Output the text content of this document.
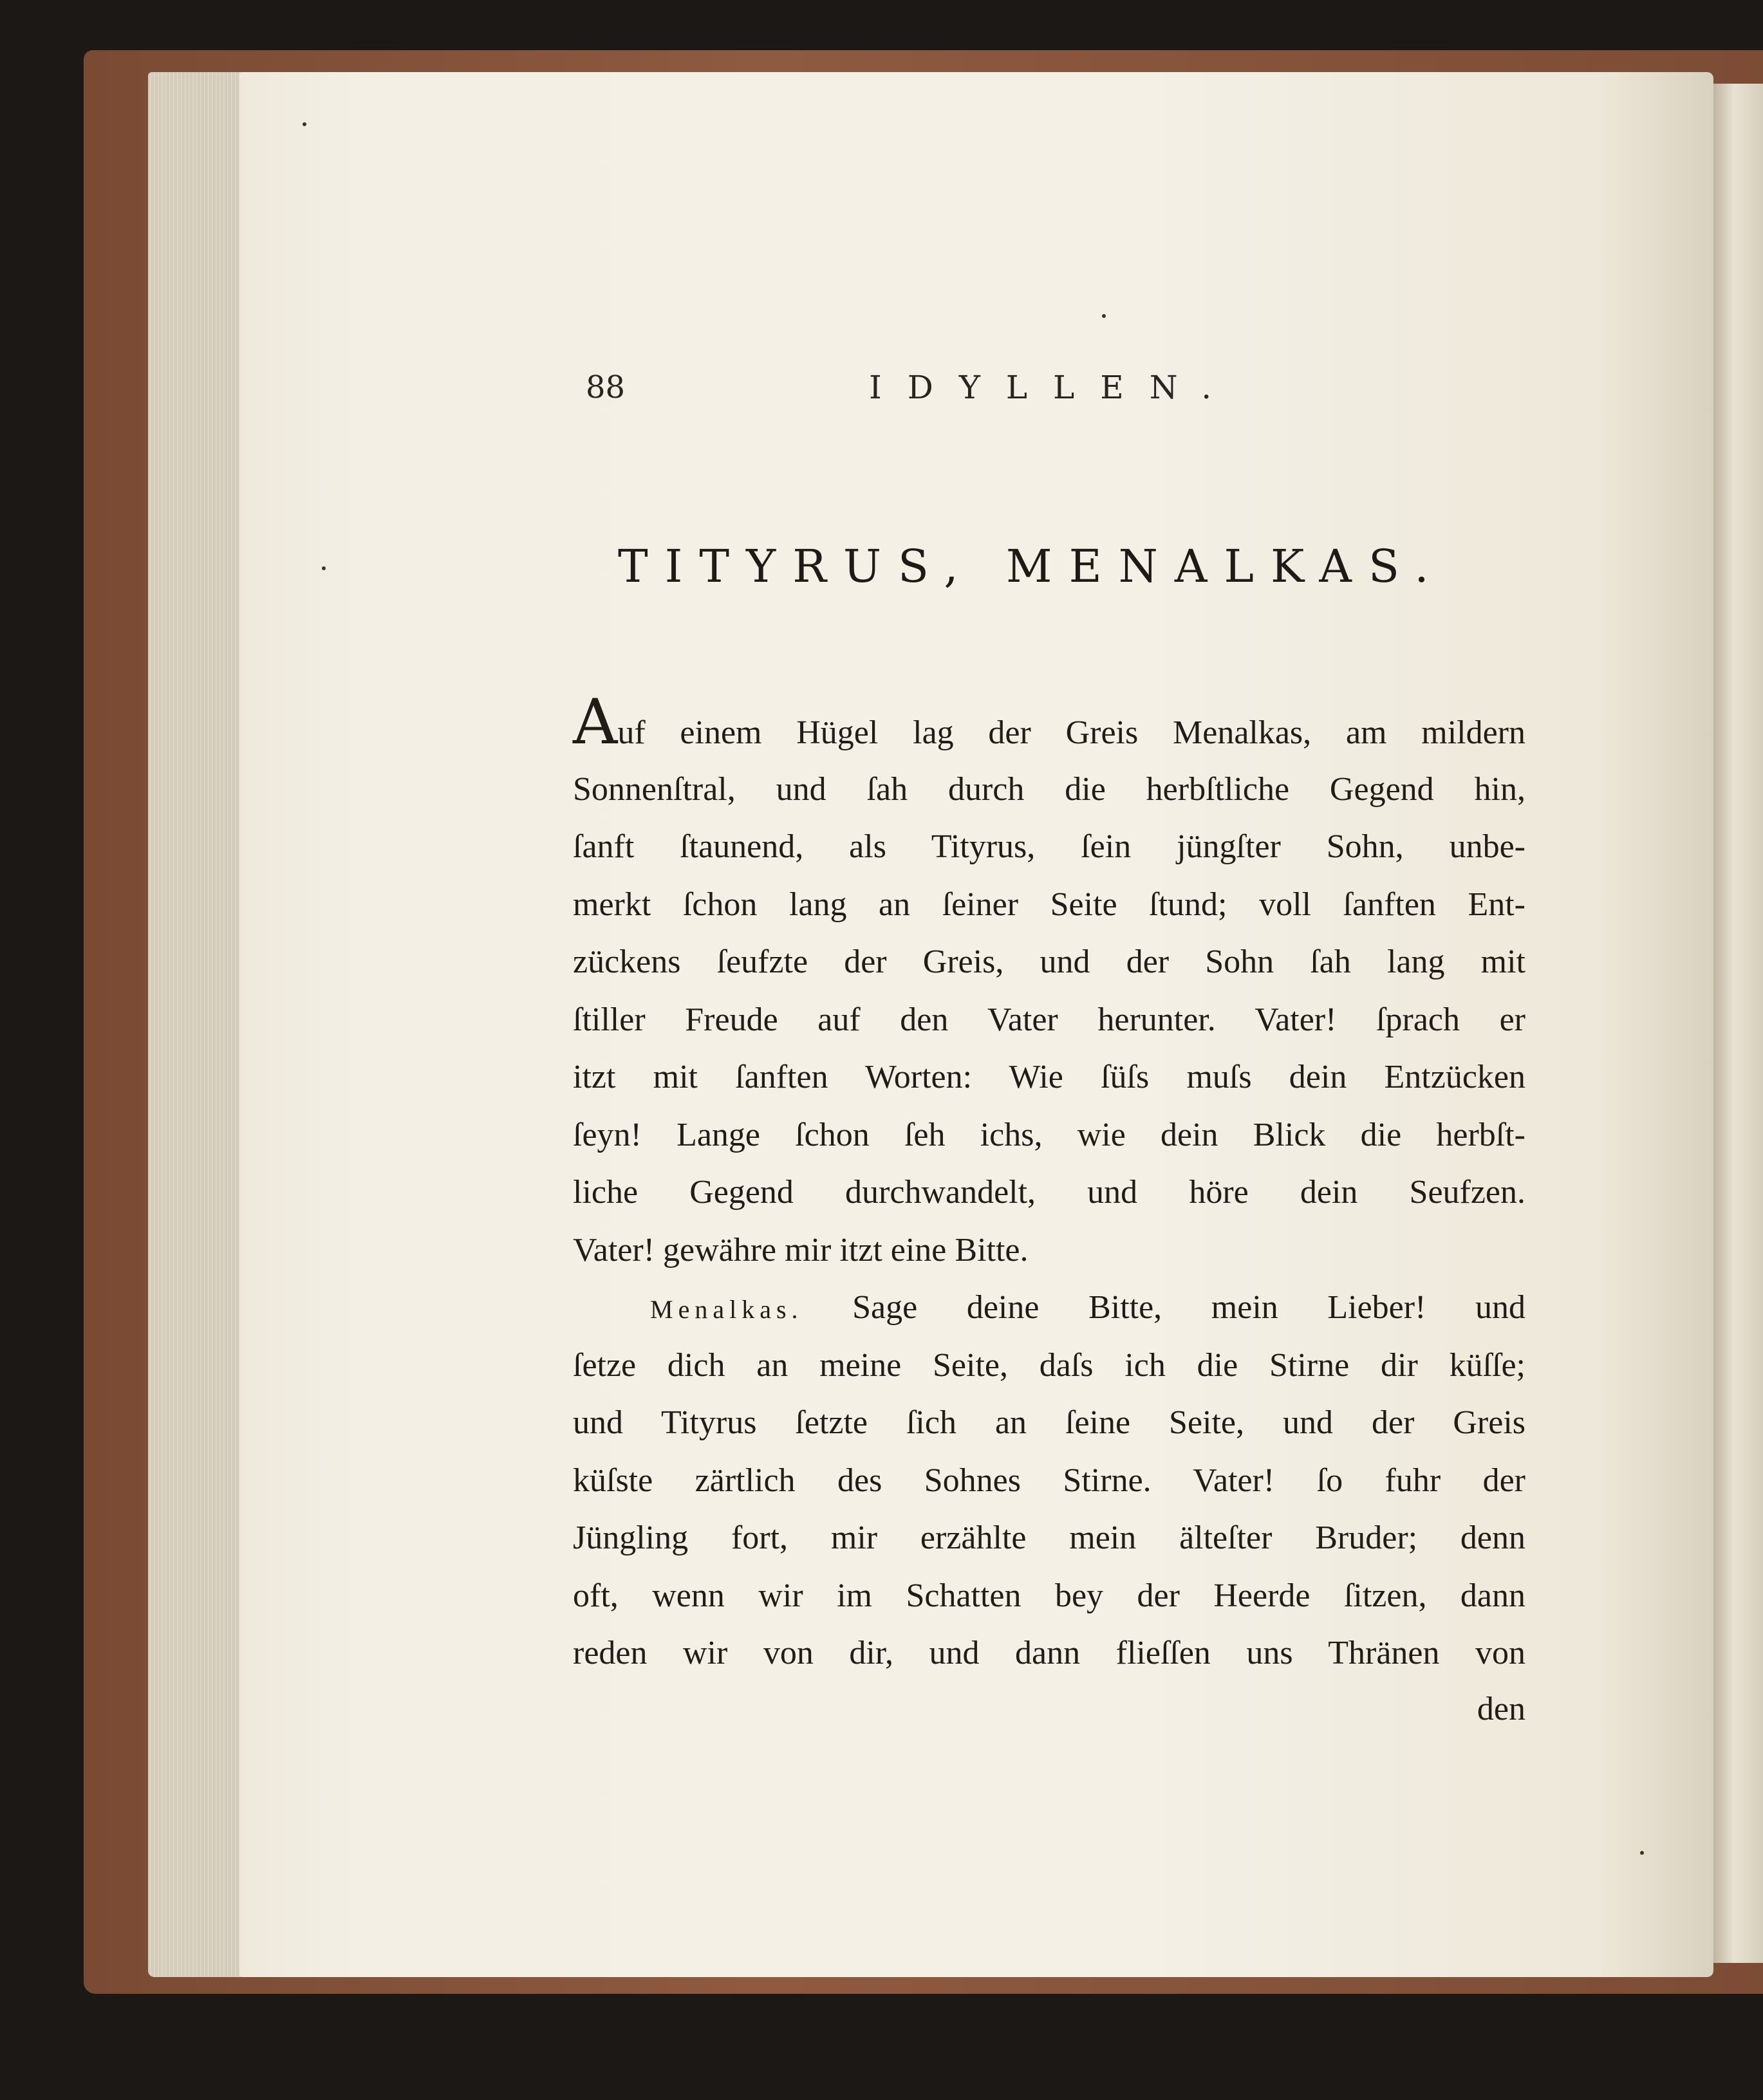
88	IDYLLEN.
TITYRUS, MENALKAS.
Auf einem Hügel lag der Greis Menalkas, am mildern
Sonnenſtral, und ſah durch die herbſtliche Gegend hin,
ſanft ſtaunend, als Tityrus, ſein jüngſter Sohn, unbe-
merkt ſchon lang an ſeiner Seite ſtund; voll ſanften Ent-
zückens ſeufzte der Greis, und der Sohn ſah lang mit
ſtiller Freude auf den Vater herunter. Vater! ſprach er
itzt mit ſanften Worten: Wie ſüſs muſs dein Entzücken
ſeyn! Lange ſchon ſeh ichs, wie dein Blick die herbſt-
liche Gegend durchwandelt, und höre dein Seufzen.
Vater! gewähre mir itzt eine Bitte.
Menalkas. Sage deine Bitte, mein Lieber! und
ſetze dich an meine Seite, daſs ich die Stirne dir küſſe;
und Tityrus ſetzte ſich an ſeine Seite, und der Greis
küſste zärtlich des Sohnes Stirne. Vater! ſo fuhr der
Jüngling fort, mir erzählte mein älteſter Bruder; denn
oft, wenn wir im Schatten bey der Heerde ſitzen, dann
reden wir von dir, und dann flieſſen uns Thränen von
den
